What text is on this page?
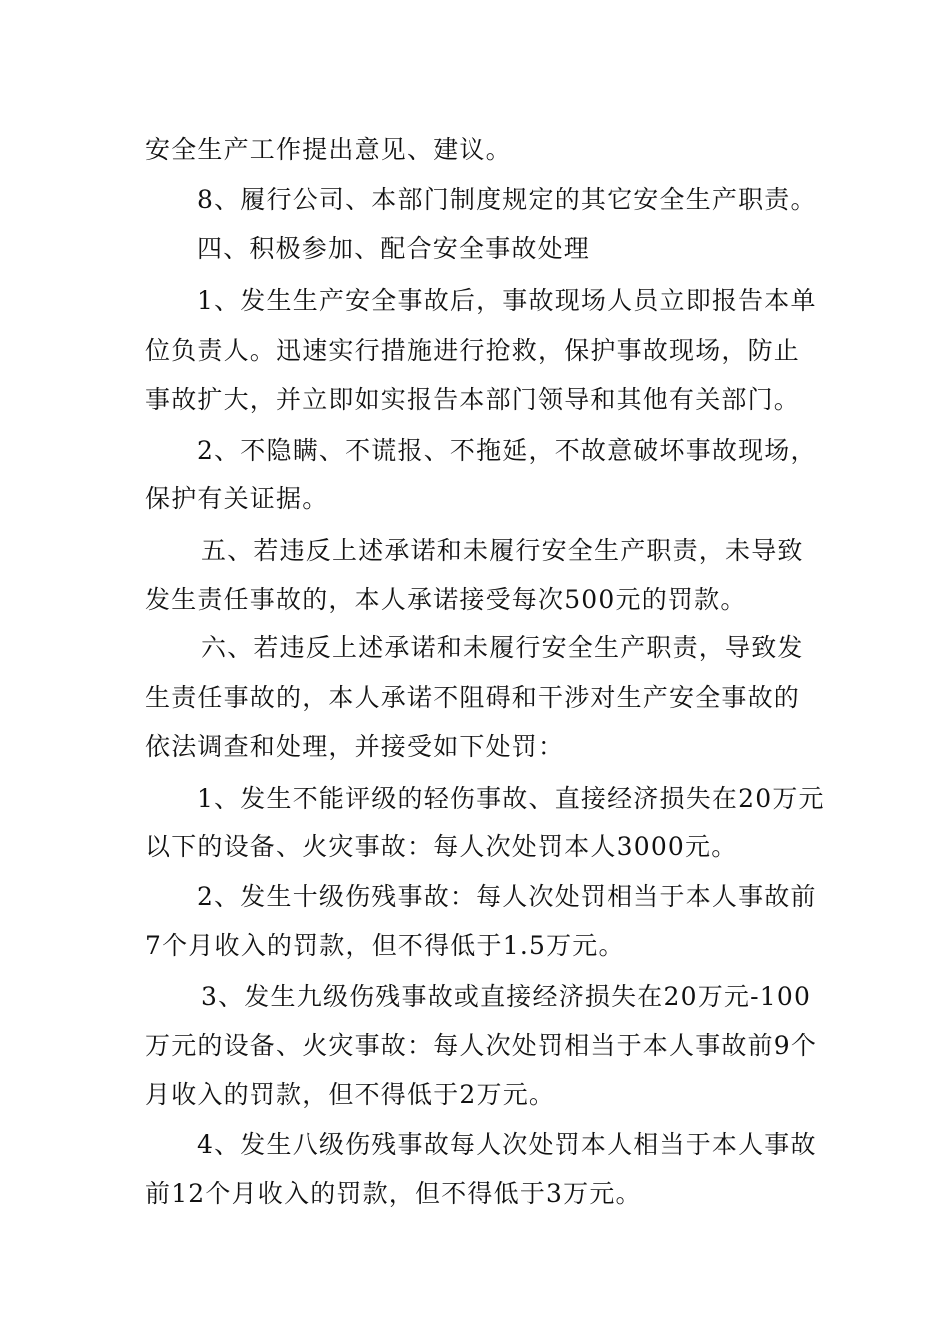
安全生产工作提出意见、建议。
8、履行公司、本部门制度规定的其它安全生产职责。
四、积极参加、配合安全事故处理
1、发生生产安全事故后，事故现场人员立即报告本单
位负责人。迅速实行措施进行抢救，保护事故现场，防止
事故扩大，并立即如实报告本部门领导和其他有关部门。
2、不隐瞒、不谎报、不拖延，不故意破坏事故现场，
保护有关证据。
五、若违反上述承诺和未履行安全生产职责，未导致
发生责任事故的，本人承诺接受每次500元的罚款。
六、若违反上述承诺和未履行安全生产职责，导致发
生责任事故的，本人承诺不阻碍和干涉对生产安全事故的
依法调查和处理，并接受如下处罚：
1、发生不能评级的轻伤事故、直接经济损失在20万元
以下的设备、火灾事故：每人次处罚本人3000元。
2、发生十级伤残事故：每人次处罚相当于本人事故前
7个月收入的罚款，但不得低于1.5万元。
3、发生九级伤残事故或直接经济损失在20万元-100
万元的设备、火灾事故：每人次处罚相当于本人事故前9个
月收入的罚款，但不得低于2万元。
4、发生八级伤残事故每人次处罚本人相当于本人事故
前12个月收入的罚款，但不得低于3万元。
